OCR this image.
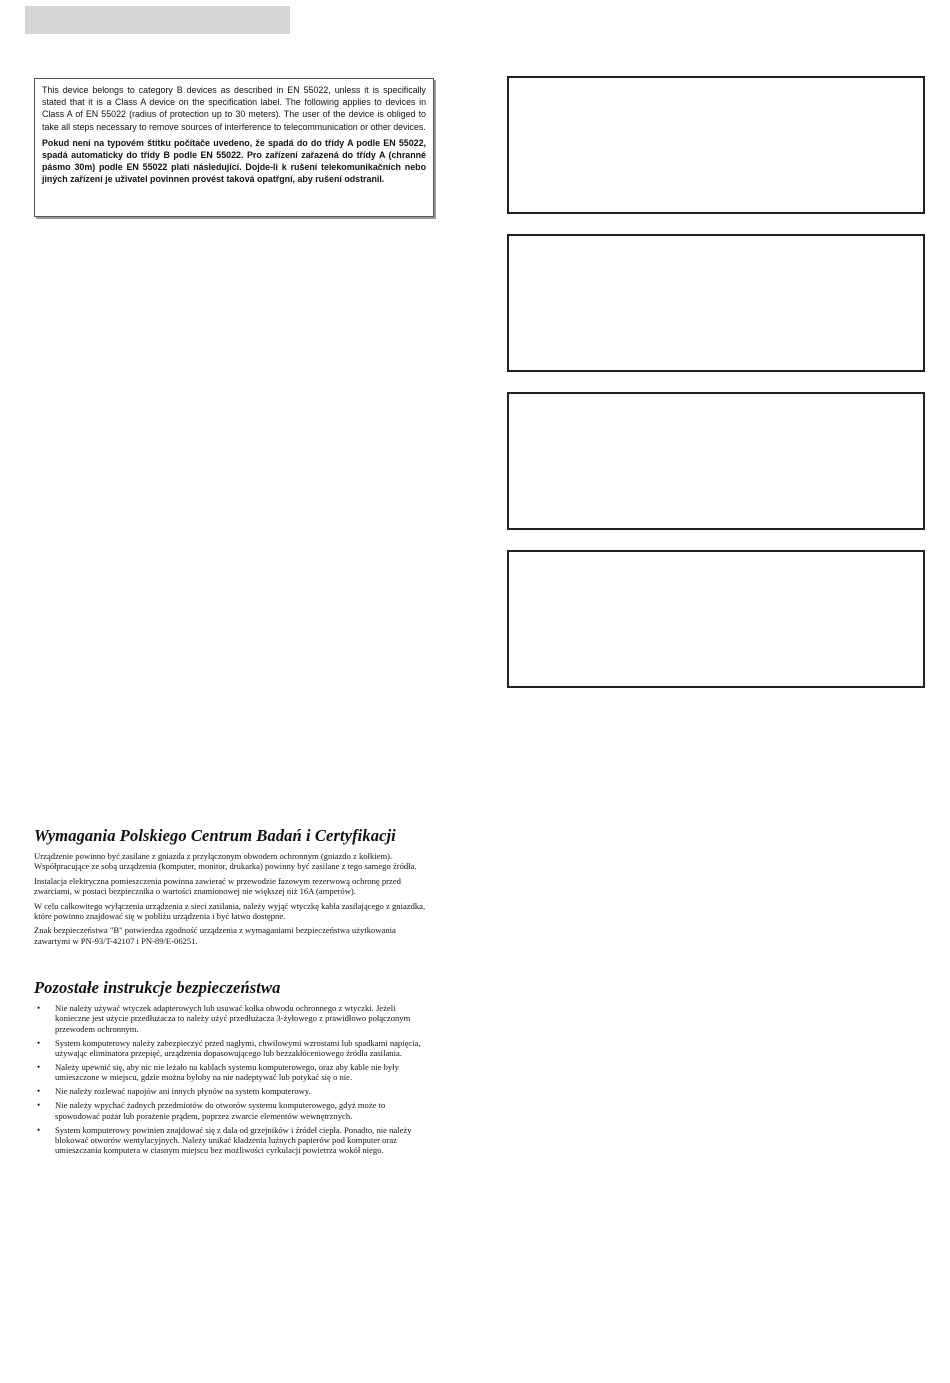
This device belongs to category B devices as described in EN 55022, unless it is specifically stated that it is a Class A device on the specification label. The following applies to devices in Class A of EN 55022 (radius of protection up to 30 meters). The user of the device is obliged to take all steps necessary to remove sources of interference to telecommunication or other devices.

Pokud není na typovém štítku počítače uvedeno, že spadá do do třídy A podle EN 55022, spadá automaticky do třídy B podle EN 55022. Pro zařízení zařazená do třídy A (chranné pásmo 30m) podle EN 55022 platí následující. Dojde-li k rušení telekomunikačních nebo jiných zařízení je uživatel povinnen provést taková opatřgní, aby rušení odstranil.

Wymagania Polskiego Centrum Badań i Certyfikacji

Urządzenie powinno być zasilane z gniazda z przyłączonym obwodem ochronnym (gniazdo z kołkiem). Współpracujące ze sobą urządzenia (komputer, monitor, drukarka) powinny być zasilane z tego samego źródła.

Instalacja elektryczna pomieszczenia powinna zawierać w przewodzie fazowym rezerwową ochronę przed zwarciami, w postaci bezpiecznika o wartości znamionowej nie większej niż 16A (amperów).

W celu całkowitego wyłączenia urządzenia z sieci zasilania, należy wyjąć wtyczkę kabla zasilającego z gniazdka, które powinno znajdować się w pobliżu urządzenia i być łatwo dostępne.

Znak bezpieczeństwa "B" potwierdza zgodność urządzenia z wymaganiami bezpieczeństwa użytkowania zawartymi w PN-93/T-42107 i PN-89/E-06251.

Pozostałe instrukcje bezpieczeństwa
• Nie należy używać wtyczek adapterowych lub usuwać kołka obwodu ochronnego z wtyczki. Jeżeli konieczne jest użycie przedłużacza to należy użyć przedłużacza 3-żyłowego z prawidłowo połączonym przewodem ochronnym.
• System komputerowy należy zabezpieczyć przed nagłymi, chwilowymi wzrostami lub spadkami napięcia, używając eliminatora przepięć, urządzenia dopasowującego lub bezzakłóceniowego źródła zasilania.
• Należy upewnić się, aby nic nie leżało na kablach systemu komputerowego, oraz aby kable nie były umieszczone w miejscu, gdzie można byłoby na nie nadeptywać lub potykać się o nie.
• Nie należy rozlewać napojów ani innych płynów na system komputerowy.
• Nie należy wpychać żadnych przedmiotów do otworów systemu komputerowego, gdyż może to spowodować pożar lub porażenie prądem, poprzez zwarcie elementów wewnętrznych.
• System komputerowy powinien znajdować się z dala od grzejników i źródeł ciepła. Ponadto, nie należy blokować otworów wentylacyjnych. Należy unikać kładzenia luźnych papierów pod komputer oraz umieszczania komputera w ciasnym miejscu bez możliwości cyrkulacji powietrza wokół niego.
